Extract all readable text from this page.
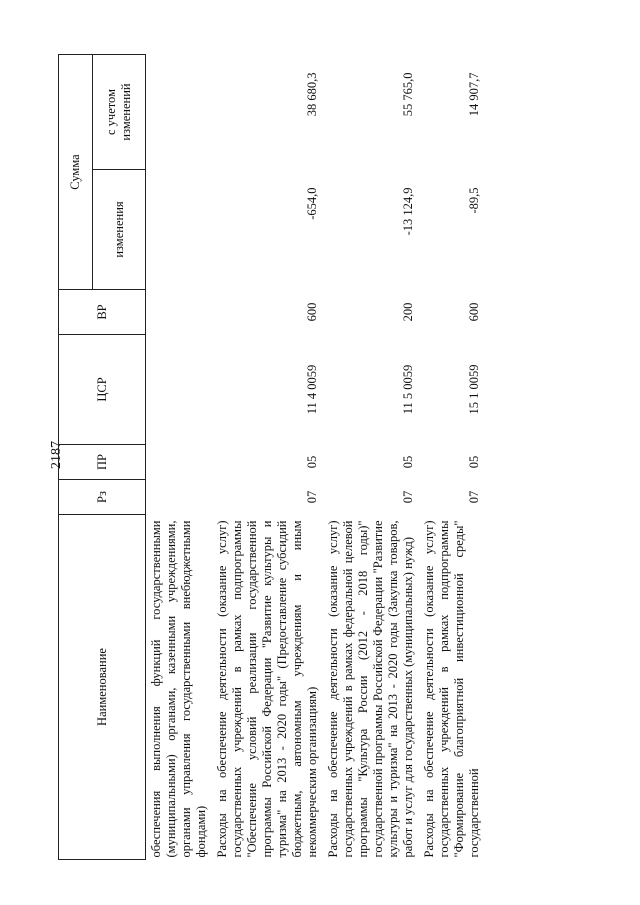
2187
Наименование	Рз	ПР	ЦСР	ВР	Сумма	
					изменения	с учетом изменений
обеспечения выполнения функций государственными (муниципальными) органами, казенными учреждениями, органами управления государственными внебюджетными фондами)						
Расходы на обеспечение деятельности (оказание услуг) государственных учреждений в рамках подпрограммы "Обеспечение условий реализации государственной программы Российской Федерации "Развитие культуры и туризма" на 2013 - 2020 годы" (Предоставление субсидий бюджетным, автономным учреждениям и иным некоммерческим организациям)	07	05	11 4 0059	600	-654,0	38 680,3
Расходы на обеспечение деятельности (оказание услуг) государственных учреждений в рамках федеральной целевой программы "Культура России (2012 - 2018 годы)" государственной программы Российской Федерации "Развитие культуры и туризма" на 2013 - 2020 годы (Закупка товаров, работ и услуг для государственных (муниципальных) нужд)	07	05	11 5 0059	200	-13 124,9	55 765,0
Расходы на обеспечение деятельности (оказание услуг) государственных учреждений в рамках подпрограммы "Формирование благоприятной инвестиционной среды" государственной	07	05	15 1 0059	600	-89,5	14 907,7
